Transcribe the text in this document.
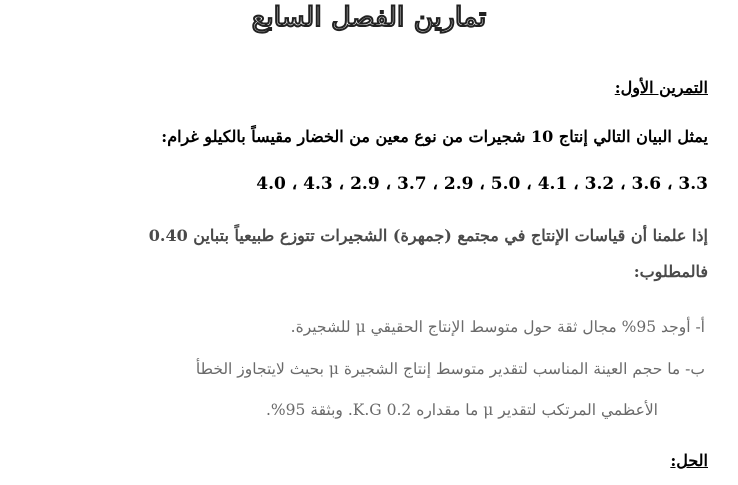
تمارين الفصل السابع
التمرين الأول:
يمثل البيان التالي إنتاج 10 شجيرات من نوع معين من الخضار مقيساً بالكيلو غرام:
3.3 ، 3.6 ، 3.2 ، 4.1 ، 5.0 ، 2.9 ، 3.7 ، 2.9 ، 4.3 ، 4.0
إذا علمنا أن قياسات الإنتاج في مجتمع (جمهرة) الشجيرات تتوزع طبيعياً بتباين 0.40
فالمطلوب:
أ- أوجد 95% مجال ثقة حول متوسط الإنتاج الحقيقي μ للشجيرة.
ب- ما حجم العينة المناسب لتقدير متوسط إنتاج الشجيرة μ بحيث لايتجاوز الخطأ
الأعظمي المرتكب لتقدير μ ما مقداره 0.2 K.G. وبثقة 95%.
الحل:
